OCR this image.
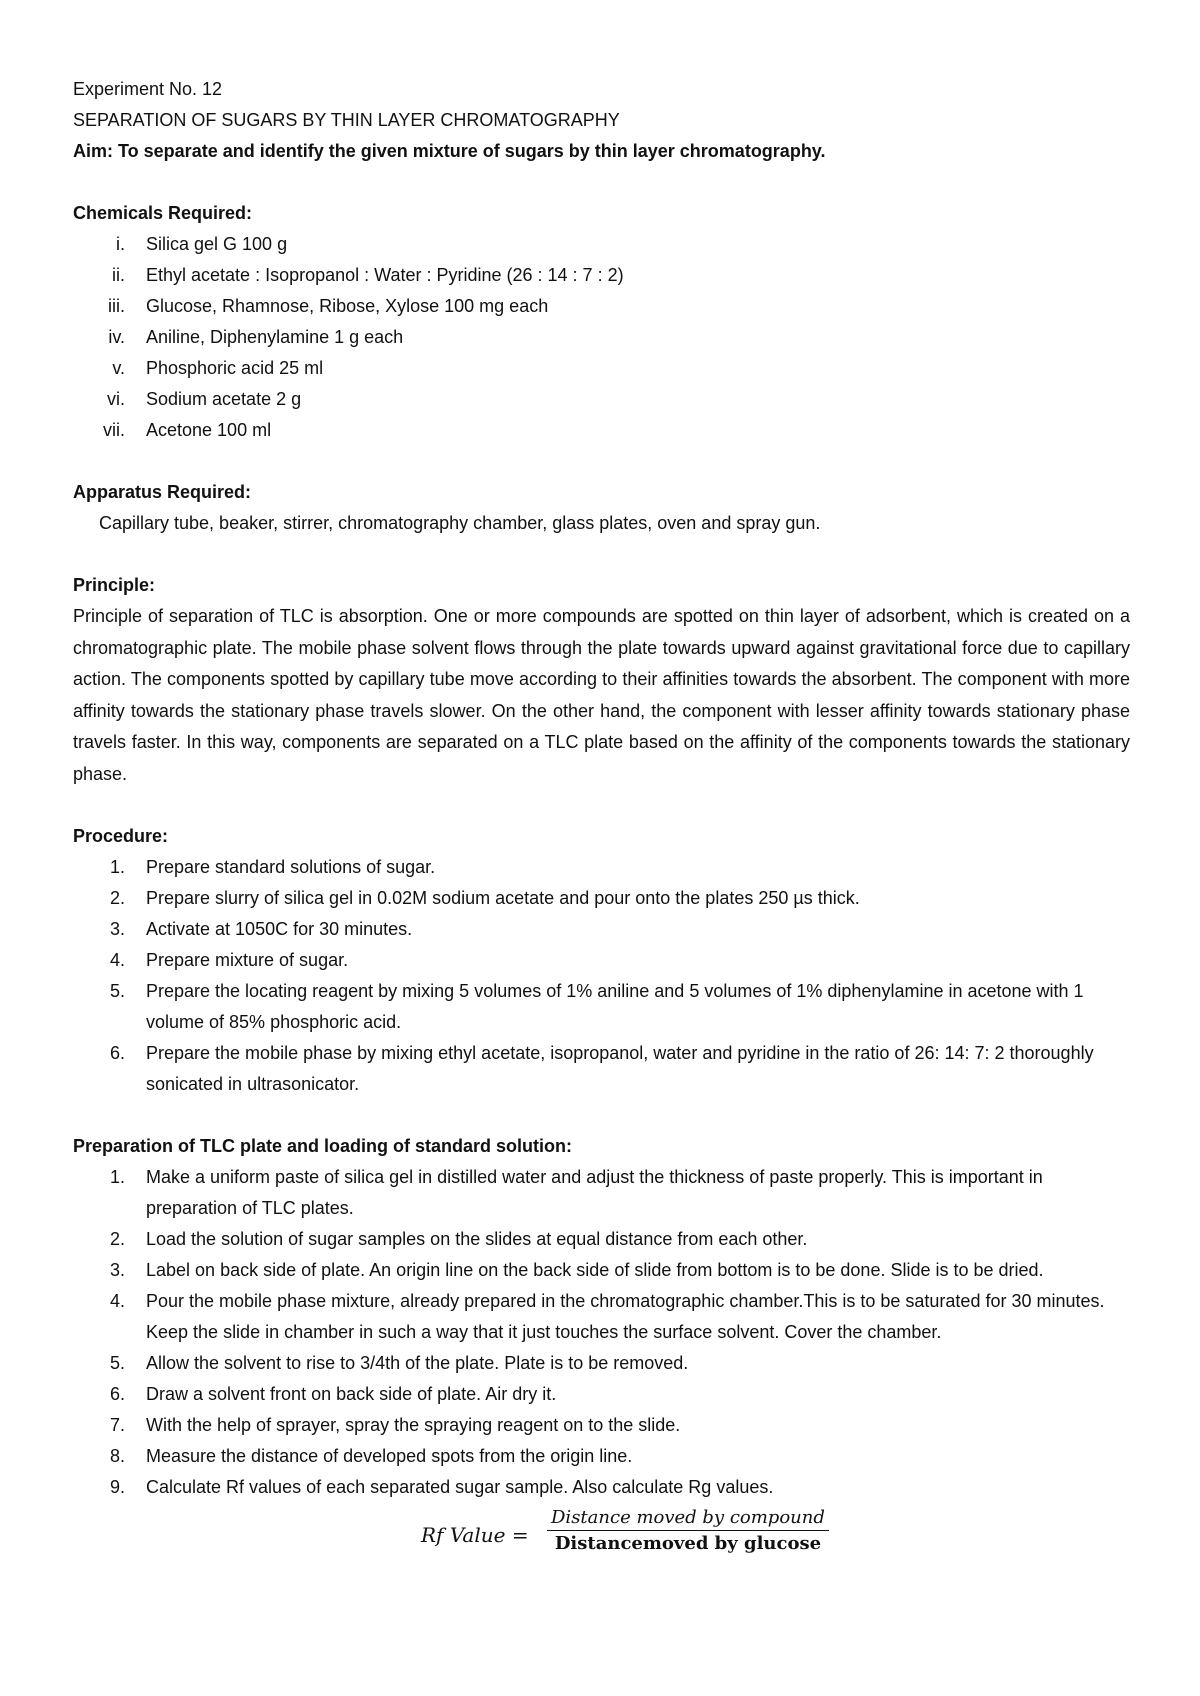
Experiment No. 12
SEPARATION OF SUGARS BY THIN LAYER CHROMATOGRAPHY
Aim: To separate and identify the given mixture of sugars by thin layer chromatography.
Chemicals Required:
i. Silica gel G 100 g
ii. Ethyl acetate : Isopropanol : Water : Pyridine (26 : 14 : 7 : 2)
iii. Glucose, Rhamnose, Ribose, Xylose 100 mg each
iv. Aniline, Diphenylamine 1 g each
v. Phosphoric acid 25 ml
vi. Sodium acetate 2 g
vii. Acetone 100 ml
Apparatus Required:
Capillary tube, beaker, stirrer, chromatography chamber, glass plates, oven and spray gun.
Principle:
Principle of separation of TLC is absorption. One or more compounds are spotted on thin layer of adsorbent, which is created on a chromatographic plate. The mobile phase solvent flows through the plate towards upward against gravitational force due to capillary action. The components spotted by capillary tube move according to their affinities towards the absorbent. The component with more affinity towards the stationary phase travels slower. On the other hand, the component with lesser affinity towards stationary phase travels faster. In this way, components are separated on a TLC plate based on the affinity of the components towards the stationary phase.
Procedure:
1. Prepare standard solutions of sugar.
2. Prepare slurry of silica gel in 0.02M sodium acetate and pour onto the plates 250 µs thick.
3. Activate at 1050C for 30 minutes.
4. Prepare mixture of sugar.
5. Prepare the locating reagent by mixing 5 volumes of 1% aniline and 5 volumes of 1% diphenylamine in acetone with 1 volume of 85% phosphoric acid.
6. Prepare the mobile phase by mixing ethyl acetate, isopropanol, water and pyridine in the ratio of 26: 14: 7: 2 thoroughly sonicated in ultrasonicator.
Preparation of TLC plate and loading of standard solution:
1. Make a uniform paste of silica gel in distilled water and adjust the thickness of paste properly. This is important in preparation of TLC plates.
2. Load the solution of sugar samples on the slides at equal distance from each other.
3. Label on back side of plate. An origin line on the back side of slide from bottom is to be done. Slide is to be dried.
4. Pour the mobile phase mixture, already prepared in the chromatographic chamber.This is to be saturated for 30 minutes. Keep the slide in chamber in such a way that it just touches the surface solvent. Cover the chamber.
5. Allow the solvent to rise to 3/4th of the plate. Plate is to be removed.
6. Draw a solvent front on back side of plate. Air dry it.
7. With the help of sprayer, spray the spraying reagent on to the slide.
8. Measure the distance of developed spots from the origin line.
9. Calculate Rf values of each separated sugar sample. Also calculate Rg values.
Rf Value =
Distance moved by compound
Distancemoved by glucose
